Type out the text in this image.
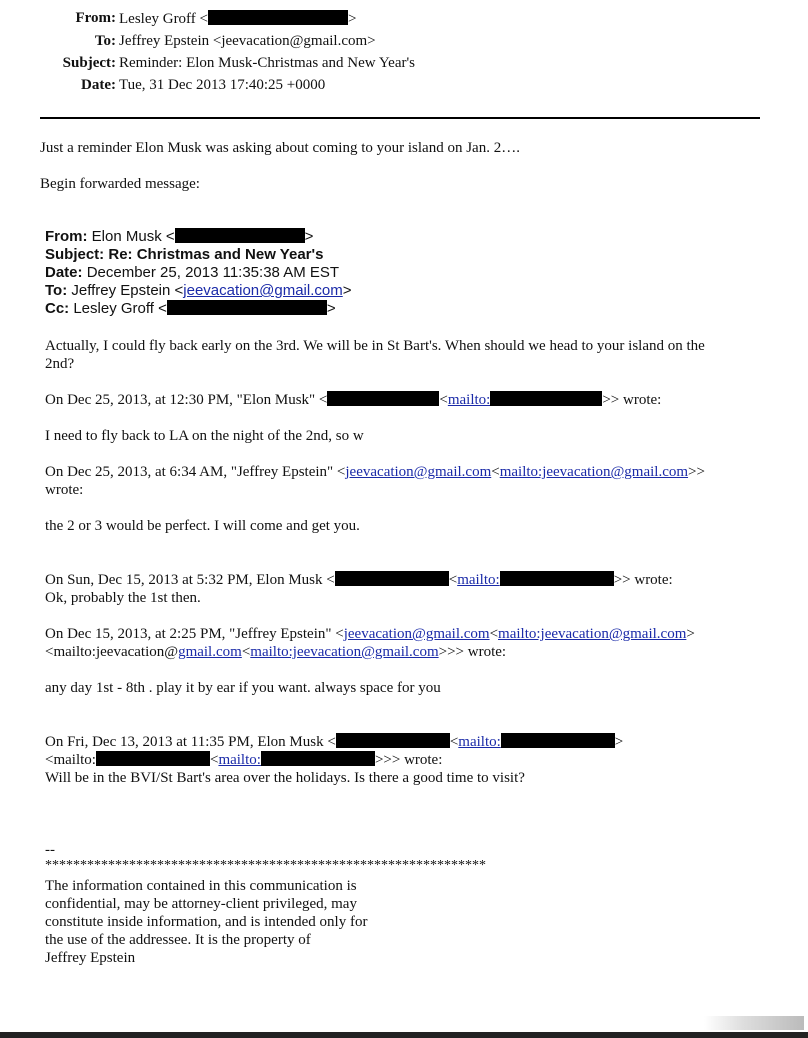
From: Lesley Groff <	>
To: Jeffrey Epstein <jeevacation@gmail.com>
Subject: Reminder: Elon Musk-Christmas and New Year's
Date: Tue, 31 Dec 2013 17:40:25 +0000
Just a reminder Elon Musk was asking about coming to your island on Jan. 2….
Begin forwarded message:
From: Elon Musk <	>
Subject: Re: Christmas and New Year's
Date: December 25, 2013 11:35:38 AM EST
To: Jeffrey Epstein <jeevacation@gmail.com>
Cc: Lesley Groff <	>
Actually, I could fly back early on the 3rd. We will be in St Bart's. When should we head to your island on the
2nd?
On Dec 25, 2013, at 12:30 PM, "Elon Musk" <	<mailto:	>> wrote:
I need to fly back to LA on the night of the 2nd, so w
On Dec 25, 2013, at 6:34 AM, "Jeffrey Epstein" <jeevacation@gmail.com<mailto:jeevacation@gmail.com>>
wrote:
the 2 or 3 would be perfect. I will come and get you.
On Sun, Dec 15, 2013 at 5:32 PM, Elon Musk <	<mailto:	>> wrote:
Ok, probably the 1st then.
On Dec 15, 2013, at 2:25 PM, "Jeffrey Epstein" <jeevacation@gmail.com<mailto:jeevacation@gmail.com>
<mailto:jeevacation@gmail.com<mailto:jeevacation@gmail.com>>> wrote:
any day 1st - 8th . play it by ear if you want. always space for you
On Fri, Dec 13, 2013 at 11:35 PM, Elon Musk <	<mailto:	>
<mailto:	<mailto:	>>> wrote:
Will be in the BVI/St Bart's area over the holidays. Is there a good time to visit?
--
***************************************************************
The information contained in this communication is
confidential, may be attorney-client privileged, may
constitute inside information, and is intended only for
the use of the addressee. It is the property of
Jeffrey Epstein
